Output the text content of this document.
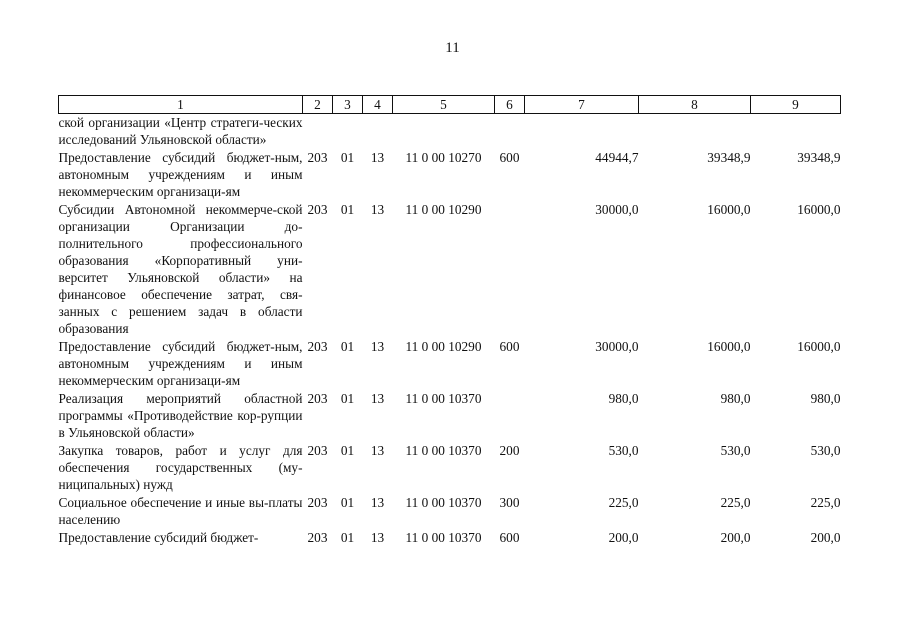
11
1	2	3	4	5	6	7	8	9
ской организации «Центр стратеги-ческих исследований Ульяновской области»								
Предоставление субсидий бюджет-ным, автономным учреждениям и иным некоммерческим организаци-ям	203	01	13	11 0 00 10270	600	44944,7	39348,9	39348,9
Субсидии Автономной некоммерче-ской организации Организации до-полнительного профессионального образования «Корпоративный уни-верситет Ульяновской области» на финансовое обеспечение затрат, свя-занных с решением задач в области образования	203	01	13	11 0 00 10290		30000,0	16000,0	16000,0
Предоставление субсидий бюджет-ным, автономным учреждениям и иным некоммерческим организаци-ям	203	01	13	11 0 00 10290	600	30000,0	16000,0	16000,0
Реализация мероприятий областной программы «Противодействие кор-рупции в Ульяновской области»	203	01	13	11 0 00 10370		980,0	980,0	980,0
Закупка товаров, работ и услуг для обеспечения государственных (му-ниципальных) нужд	203	01	13	11 0 00 10370	200	530,0	530,0	530,0
Социальное обеспечение и иные вы-платы населению	203	01	13	11 0 00 10370	300	225,0	225,0	225,0
Предоставление субсидий бюджет-	203	01	13	11 0 00 10370	600	200,0	200,0	200,0
